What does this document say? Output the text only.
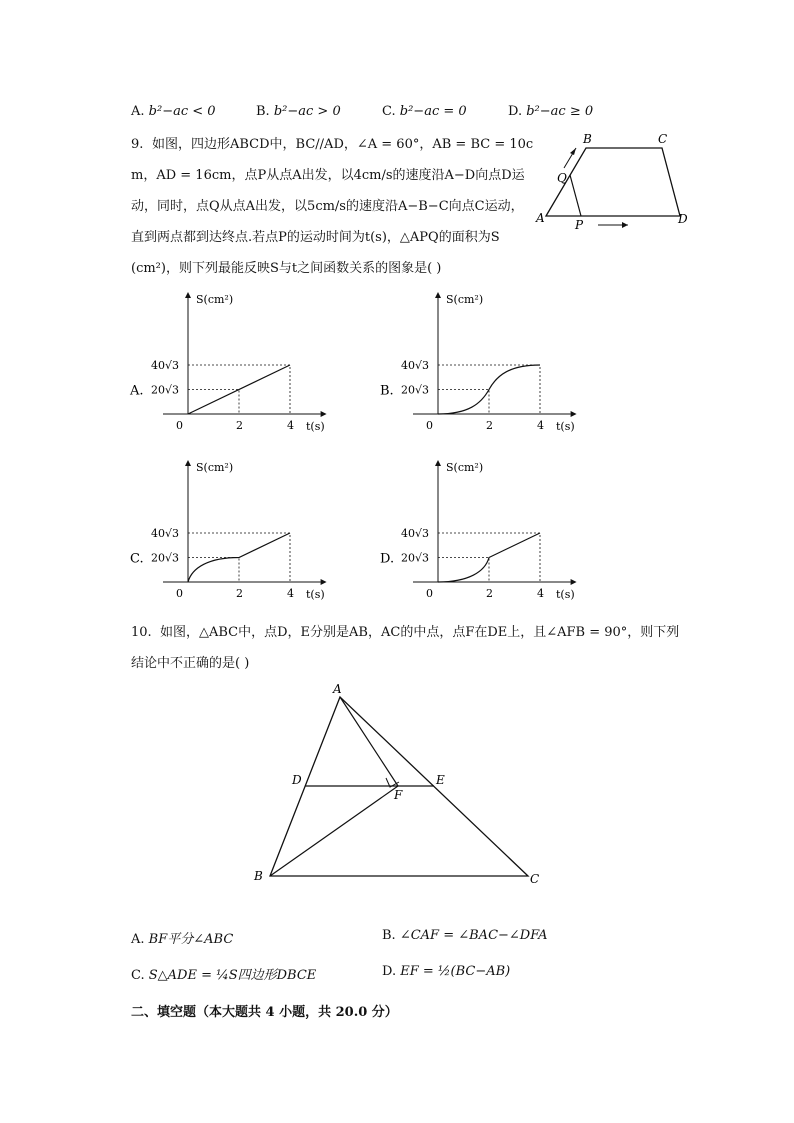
A. b²−ac < 0	B. b²−ac > 0	C. b²−ac = 0	D. b²−ac ≥ 0
9. 如图，四边形ABCD中，BC//AD，∠A = 60°，AB = BC = 10c
m，AD = 16cm，点P从点A出发，以4cm/s的速度沿A−D向点D运
动，同时，点Q从点A出发，以5cm/s的速度沿A−B−C向点C运动，
直到两点都到达终点.若点P的运动时间为t(s)，△APQ的面积为S
(cm²)，则下列最能反映S与t之间函数关系的图象是( )
A
B	C
D
P
Q
A.
S(cm²)
t(s)
0	2	4
40√3
20√3	B.
S(cm²)
t(s)
0	2	4
40√3
20√3
C.
S(cm²)
t(s)
0	2	4
40√3
20√3	D.
S(cm²)
t(s)
0	2	4
40√3
20√3
10. 如图，△ABC中，点D，E分别是AB，AC的中点，点F在DE上，且∠AFB = 90°，则下列
结论中不正确的是( )
A
B	C
D	E
F
A. BF平分∠ABC	B. ∠CAF = ∠BAC−∠DFA
C. S△ADE = ¼S四边形DBCE	D. EF = ½(BC−AB)
二、填空题（本大题共 4 小题，共 20.0 分）
